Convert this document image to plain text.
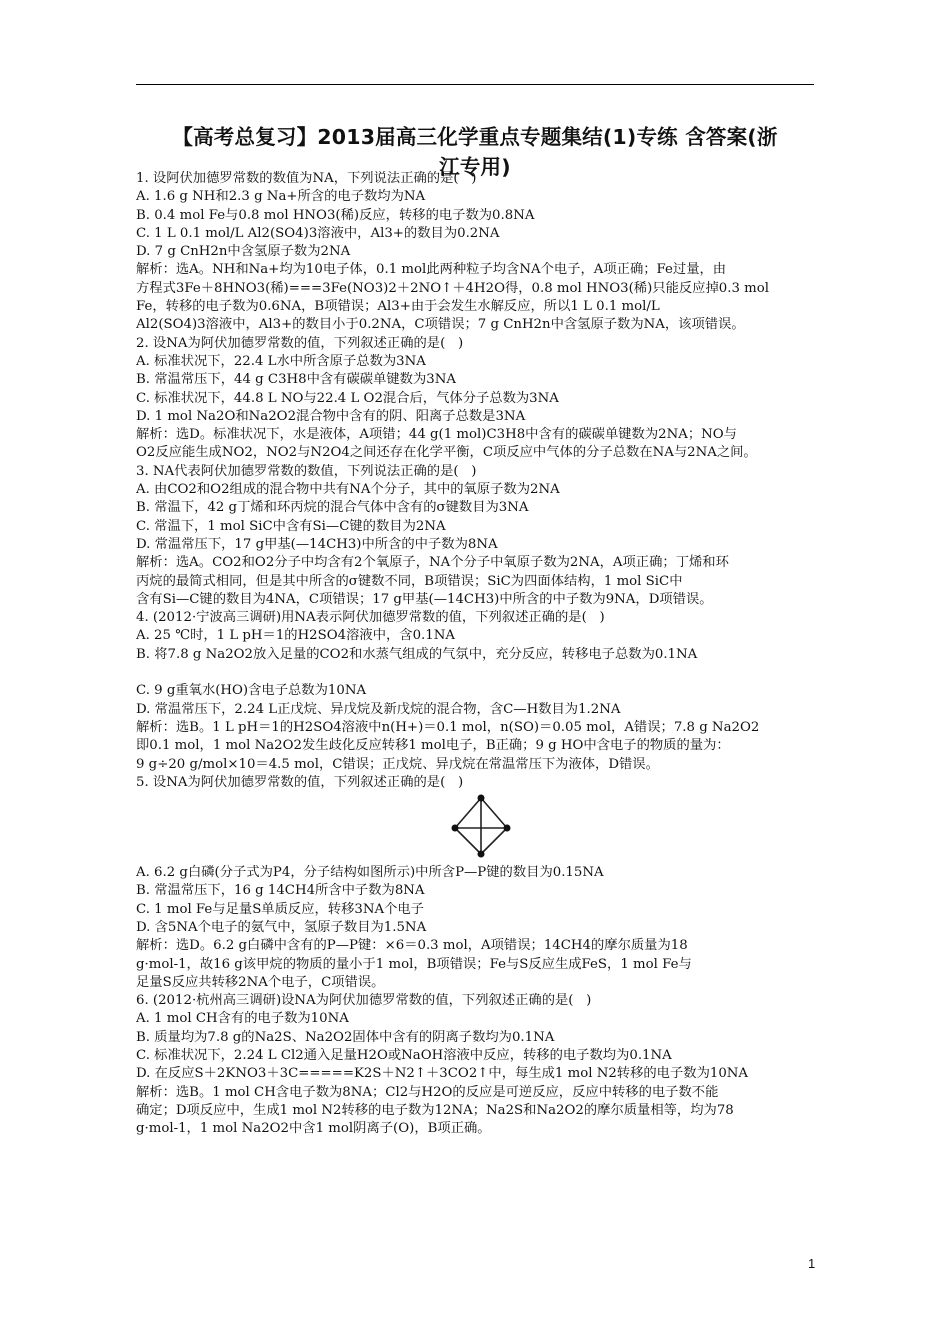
【高考总复习】2013届高三化学重点专题集结(1)专练 含答案(浙
江专用)
1. 设阿伏加德罗常数的数值为NA，下列说法正确的是(   )
A. 1.6 g NH和2.3 g Na+所含的电子数均为NA
B. 0.4 mol Fe与0.8 mol HNO3(稀)反应，转移的电子数为0.8NA
C. 1 L 0.1 mol/L Al2(SO4)3溶液中，Al3+的数目为0.2NA
D. 7 g CnH2n中含氢原子数为2NA
解析：选A。NH和Na+均为10电子体，0.1 mol此两种粒子均含NA个电子，A项正确；Fe过量，由
方程式3Fe＋8HNO3(稀)===3Fe(NO3)2＋2NO↑＋4H2O得，0.8 mol HNO3(稀)只能反应掉0.3 mol
Fe，转移的电子数为0.6NA，B项错误；Al3+由于会发生水解反应，所以1 L 0.1 mol/L
Al2(SO4)3溶液中，Al3+的数目小于0.2NA，C项错误；7 g CnH2n中含氢原子数为NA，该项错误。
2. 设NA为阿伏加德罗常数的值，下列叙述正确的是(   )
A. 标准状况下，22.4 L水中所含原子总数为3NA
B. 常温常压下，44 g C3H8中含有碳碳单键数为3NA
C. 标准状况下，44.8 L NO与22.4 L O2混合后，气体分子总数为3NA
D. 1 mol Na2O和Na2O2混合物中含有的阴、阳离子总数是3NA
解析：选D。标准状况下，水是液体，A项错；44 g(1 mol)C3H8中含有的碳碳单键数为2NA；NO与
O2反应能生成NO2，NO2与N2O4之间还存在化学平衡，C项反应中气体的分子总数在NA与2NA之间。
3. NA代表阿伏加德罗常数的数值，下列说法正确的是(   )
A. 由CO2和O2组成的混合物中共有NA个分子，其中的氧原子数为2NA
B. 常温下，42 g丁烯和环丙烷的混合气体中含有的σ键数目为3NA
C. 常温下，1 mol SiC中含有Si—C键的数目为2NA
D. 常温常压下，17 g甲基(—14CH3)中所含的中子数为8NA
解析：选A。CO2和O2分子中均含有2个氧原子，NA个分子中氧原子数为2NA，A项正确；丁烯和环
丙烷的最简式相同，但是其中所含的σ键数不同，B项错误；SiC为四面体结构，1 mol SiC中
含有Si—C键的数目为4NA，C项错误；17 g甲基(—14CH3)中所含的中子数为9NA，D项错误。
4. (2012·宁波高三调研)用NA表示阿伏加德罗常数的值，下列叙述正确的是(   )
A. 25 ℃时，1 L pH＝1的H2SO4溶液中，含0.1NA
B. 将7.8 g Na2O2放入足量的CO2和水蒸气组成的气氛中，充分反应，转移电子总数为0.1NA
C. 9 g重氧水(HO)含电子总数为10NA
D. 常温常压下，2.24 L正戊烷、异戊烷及新戊烷的混合物，含C—H数目为1.2NA
解析：选B。1 L pH＝1的H2SO4溶液中n(H+)＝0.1 mol，n(SO)＝0.05 mol，A错误；7.8 g Na2O2
即0.1 mol，1 mol Na2O2发生歧化反应转移1 mol电子，B正确；9 g HO中含电子的物质的量为：
9 g÷20 g/mol×10＝4.5 mol，C错误；正戊烷、异戊烷在常温常压下为液体，D错误。
5. 设NA为阿伏加德罗常数的值，下列叙述正确的是(   )
A. 6.2 g白磷(分子式为P4，分子结构如图所示)中所含P—P键的数目为0.15NA
B. 常温常压下，16 g 14CH4所含中子数为8NA
C. 1 mol Fe与足量S单质反应，转移3NA个电子
D. 含5NA个电子的氨气中，氢原子数目为1.5NA
解析：选D。6.2 g白磷中含有的P—P键：×6＝0.3 mol，A项错误；14CH4的摩尔质量为18
g·mol-1，故16 g该甲烷的物质的量小于1 mol，B项错误；Fe与S反应生成FeS，1 mol Fe与
足量S反应共转移2NA个电子，C项错误。
6. (2012·杭州高三调研)设NA为阿伏加德罗常数的值，下列叙述正确的是(   )
A. 1 mol CH含有的电子数为10NA
B. 质量均为7.8 g的Na2S、Na2O2固体中含有的阴离子数均为0.1NA
C. 标准状况下，2.24 L Cl2通入足量H2O或NaOH溶液中反应，转移的电子数均为0.1NA
D. 在反应S＋2KNO3＋3C=====K2S＋N2↑＋3CO2↑中，每生成1 mol N2转移的电子数为10NA
解析：选B。1 mol CH含电子数为8NA；Cl2与H2O的反应是可逆反应，反应中转移的电子数不能
确定；D项反应中，生成1 mol N2转移的电子数为12NA；Na2S和Na2O2的摩尔质量相等，均为78
g·mol-1，1 mol Na2O2中含1 mol阴离子(O)，B项正确。
1
